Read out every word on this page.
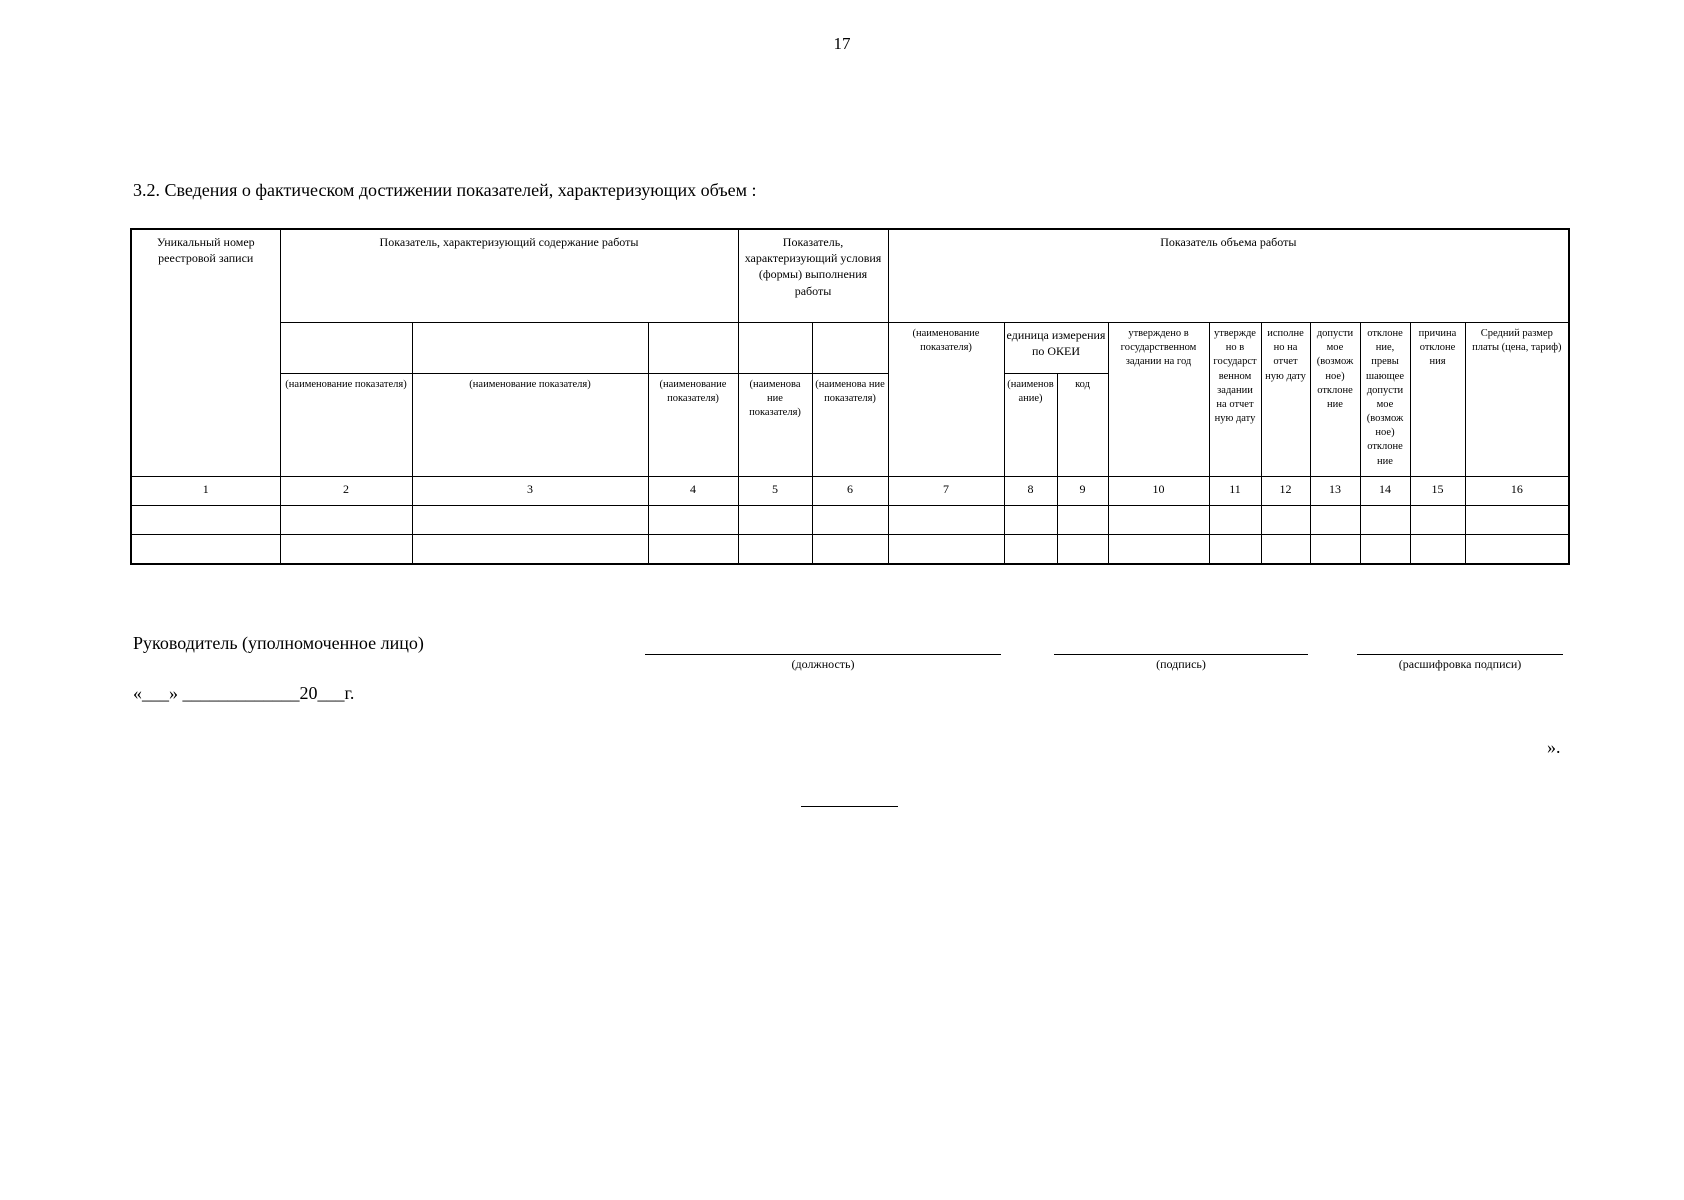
17
3.2. Сведения о фактическом достижении показателей, характеризующих объем :
Уникальный номер реестровой записи	Показатель, характеризующий содержание работы			Показатель, характеризующий условия (формы) выполнения работы		Показатель объема работы									
						(наименование показателя)	единица измерения по ОКЕИ		утверждено в государственном задании на год	утвержде но в государст венном задании на отчет ную дату	исполне но на отчет ную дату	допусти мое (возмож ное) отклоне ние	отклоне ние, превы шающее допусти мое (возмож ное) отклоне ние	причина отклоне ния	Средний размер платы (цена, тариф)
	(наименование показателя)	(наименование показателя)	(наименование показателя)	(наименова ние показателя)	(наименова ние показателя)		(наименов ание)	код							
1	2	3	4	5	6	7	8	9	10	11	12	13	14	15	16

Руководитель (уполномоченное лицо)
(должность)	(подпись)	(расшифровка подписи)
«___» _____________20___г.
».
